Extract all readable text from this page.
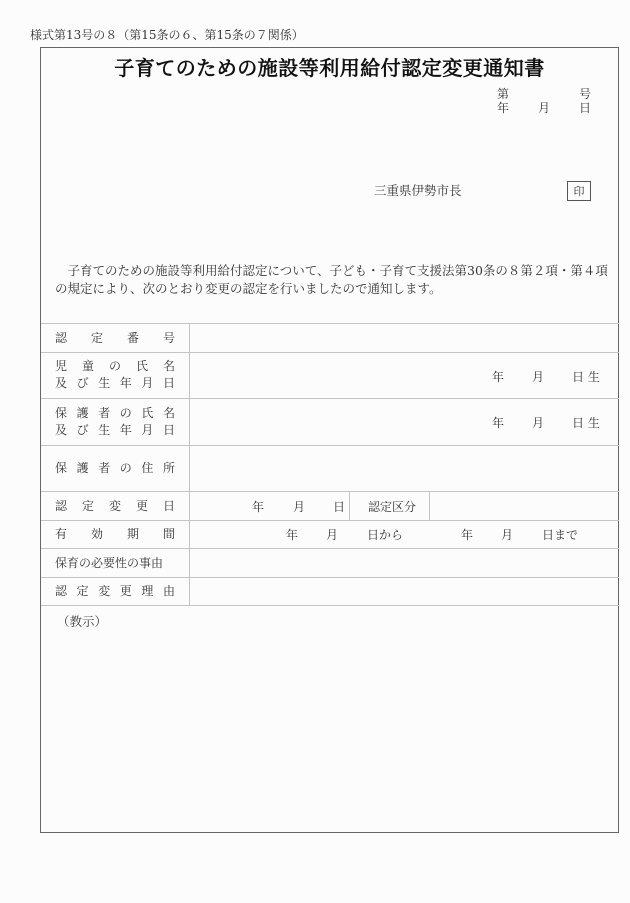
様式第13号の８（第15条の６、第15条の７関係）
子育てのための施設等利用給付認定変更通知書
第	号
年 月 日
三重県伊勢市長	印
　子育てのための施設等利用給付認定について、子ども・子育て支援法第30条の８第２項・第４項の規定により、次のとおり変更の認定を行いましたので通知します。
認定番号
児童の氏名
及び生年月日	年 月 日 生
保護者の氏名
及び生年月日	年 月 日 生
保護者の住所
認定変更日	年 月 日 認定区分
有効期間	年 月 日から	年 月 日まで
保育の必要性の事由
認定変更理由
（教示）
